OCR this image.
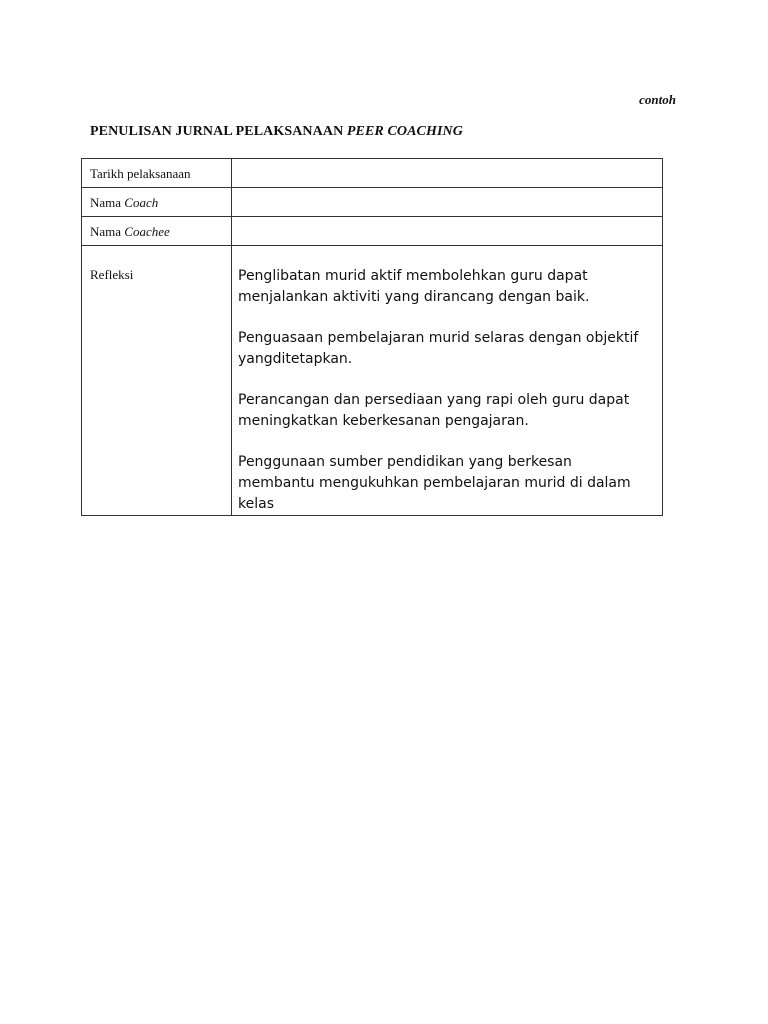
contoh
PENULISAN JURNAL PELAKSANAAN PEER COACHING
Tarikh pelaksanaan	
Nama Coach	
Nama Coachee	
Refleksi	Penglibatan murid aktif membolehkan guru dapat menjalankan aktiviti yang dirancang dengan baik.

Penguasaan pembelajaran murid selaras dengan objektif yangditetapkan.

Perancangan dan persediaan yang rapi oleh guru dapat meningkatkan keberkesanan pengajaran.

Penggunaan sumber pendidikan yang berkesan membantu mengukuhkan pembelajaran murid di dalam kelas
